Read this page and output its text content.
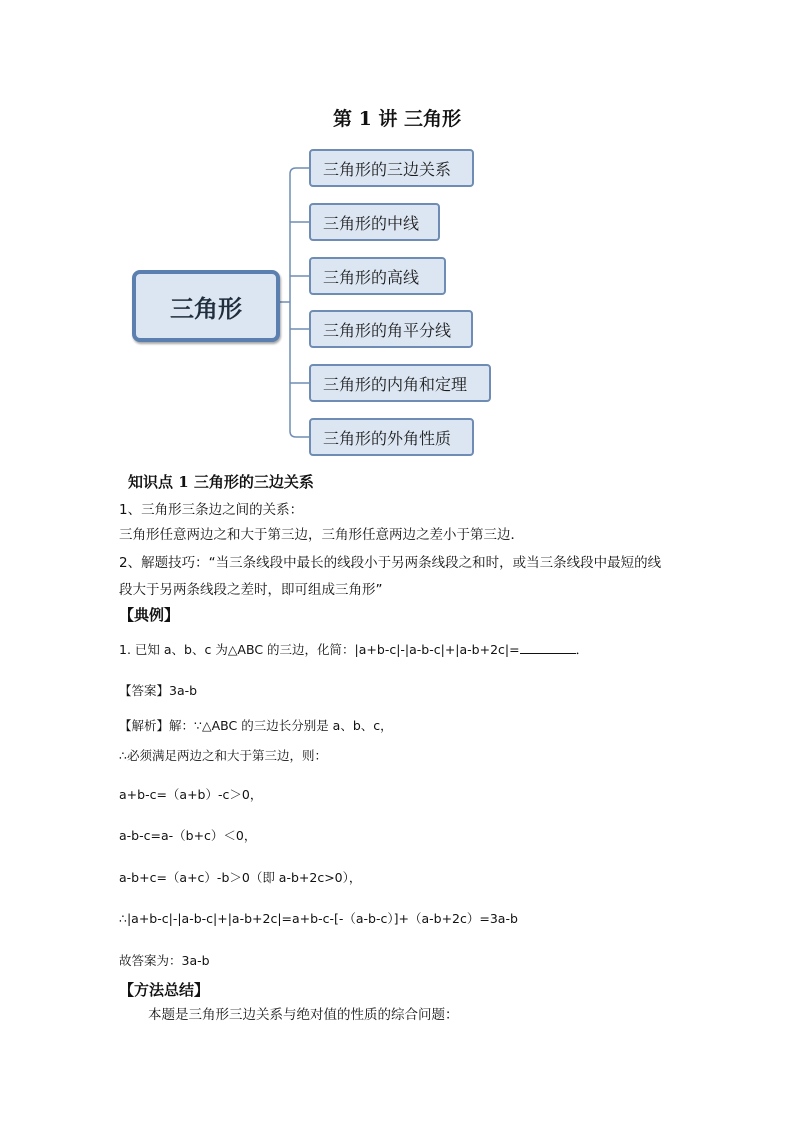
第 1 讲 三角形
三角形
三角形的三边关系
三角形的中线
三角形的高线
三角形的角平分线
三角形的内角和定理
三角形的外角性质
知识点 1 三角形的三边关系
1、三角形三条边之间的关系：
三角形任意两边之和大于第三边，三角形任意两边之差小于第三边．
2、解题技巧：“当三条线段中最长的线段小于另两条线段之和时，或当三条线段中最短的线
段大于另两条线段之差时，即可组成三角形”
【典例】
1. 已知 a、b、c 为△ABC 的三边，化简：|a+b-c|-|a-b-c|+|a-b+2c|=	．
【答案】3a-b
【解析】解：∵△ABC 的三边长分别是 a、b、c，
∴必须满足两边之和大于第三边，则：
a+b-c=（a+b）-c＞0，
a-b-c=a-（b+c）＜0，
a-b+c=（a+c）-b＞0（即 a-b+2c>0），
∴|a+b-c|-|a-b-c|+|a-b+2c|=a+b-c-[-（a-b-c）]+（a-b+2c）=3a-b
故答案为：3a-b
【方法总结】
本题是三角形三边关系与绝对值的性质的综合问题：
